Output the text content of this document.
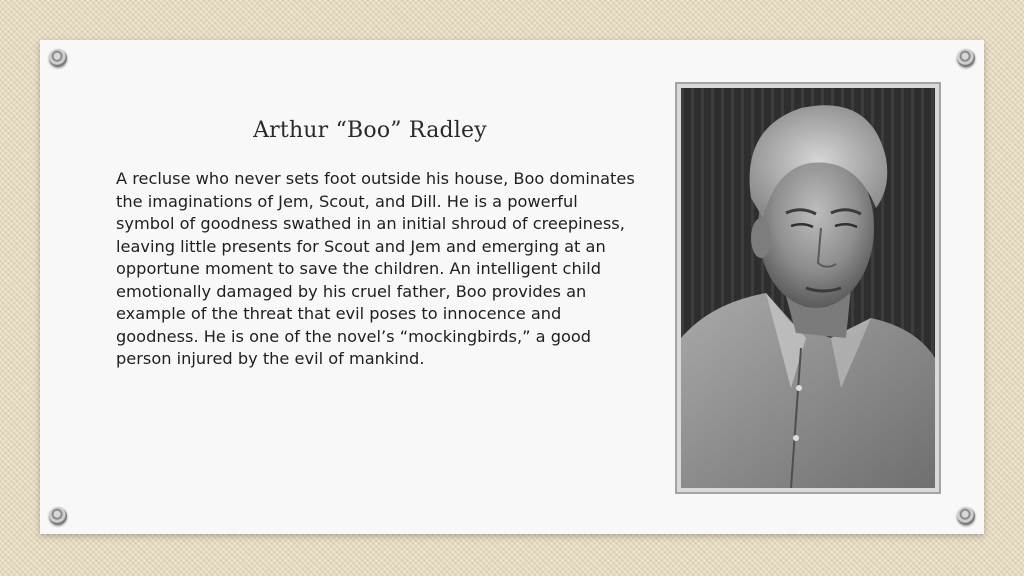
Arthur “Boo” Radley

A recluse who never sets foot outside his house, Boo dominates the imaginations of Jem, Scout, and Dill. He is a powerful symbol of goodness swathed in an initial shroud of creepiness, leaving little presents for Scout and Jem and emerging at an opportune moment to save the children. An intelligent child emotionally damaged by his cruel father, Boo provides an example of the threat that evil poses to innocence and goodness. He is one of the novel’s “mockingbirds,” a good person injured by the evil of mankind.
